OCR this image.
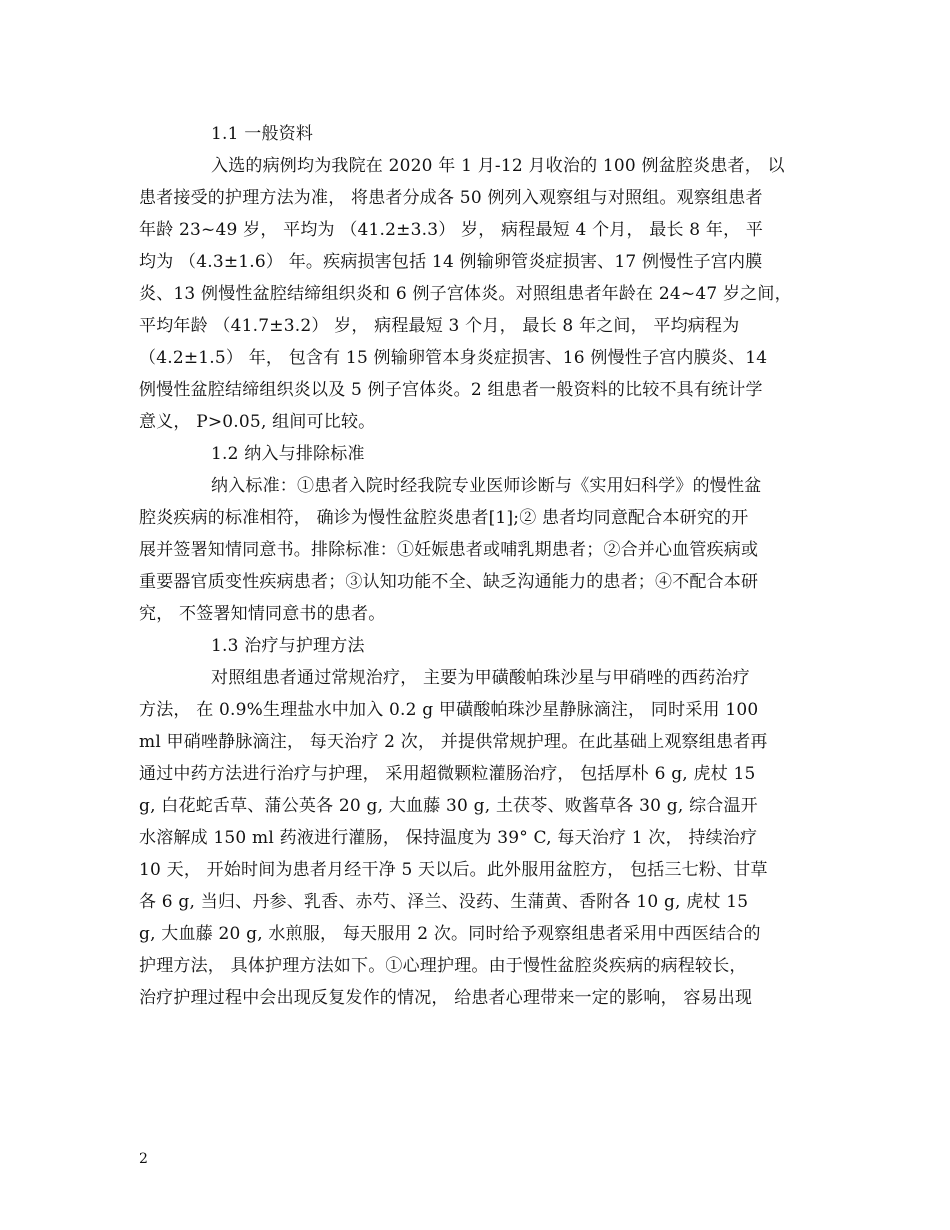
1.1 一般资料
入选的病例均为我院在 2020 年 1 月-12 月收治的 100 例盆腔炎患者， 以
患者接受的护理方法为准， 将患者分成各 50 例列入观察组与对照组。观察组患者
年龄 23~49 岁， 平均为 （41.2±3.3） 岁， 病程最短 4 个月， 最长 8 年， 平
均为 （4.3±1.6） 年。疾病损害包括 14 例输卵管炎症损害、17 例慢性子宫内膜
炎、13 例慢性盆腔结缔组织炎和 6 例子宫体炎。对照组患者年龄在 24~47 岁之间，
平均年龄 （41.7±3.2） 岁， 病程最短 3 个月， 最长 8 年之间， 平均病程为
（4.2±1.5） 年， 包含有 15 例输卵管本身炎症损害、16 例慢性子宫内膜炎、14
例慢性盆腔结缔组织炎以及 5 例子宫体炎。2 组患者一般资料的比较不具有统计学
意义， P>0.05, 组间可比较。
1.2 纳入与排除标准
纳入标准：①患者入院时经我院专业医师诊断与《实用妇科学》的慢性盆
腔炎疾病的标准相符， 确诊为慢性盆腔炎患者[1];② 患者均同意配合本研究的开
展并签署知情同意书。排除标准：①妊娠患者或哺乳期患者；②合并心血管疾病或
重要器官质变性疾病患者；③认知功能不全、缺乏沟通能力的患者；④不配合本研
究， 不签署知情同意书的患者。
1.3 治疗与护理方法
对照组患者通过常规治疗， 主要为甲磺酸帕珠沙星与甲硝唑的西药治疗
方法， 在 0.9%生理盐水中加入 0.2 g 甲磺酸帕珠沙星静脉滴注， 同时采用 100
ml 甲硝唑静脉滴注， 每天治疗 2 次， 并提供常规护理。在此基础上观察组患者再
通过中药方法进行治疗与护理， 采用超微颗粒灌肠治疗， 包括厚朴 6 g, 虎杖 15
g, 白花蛇舌草、蒲公英各 20 g, 大血藤 30 g, 土茯苓、败酱草各 30 g, 综合温开
水溶解成 150 ml 药液进行灌肠， 保持温度为 39° C, 每天治疗 1 次， 持续治疗
10 天， 开始时间为患者月经干净 5 天以后。此外服用盆腔方， 包括三七粉、甘草
各 6 g, 当归、丹参、乳香、赤芍、泽兰、没药、生蒲黄、香附各 10 g, 虎杖 15
g, 大血藤 20 g, 水煎服， 每天服用 2 次。同时给予观察组患者采用中西医结合的
护理方法， 具体护理方法如下。①心理护理。由于慢性盆腔炎疾病的病程较长，
治疗护理过程中会出现反复发作的情况， 给患者心理带来一定的影响， 容易出现
2
